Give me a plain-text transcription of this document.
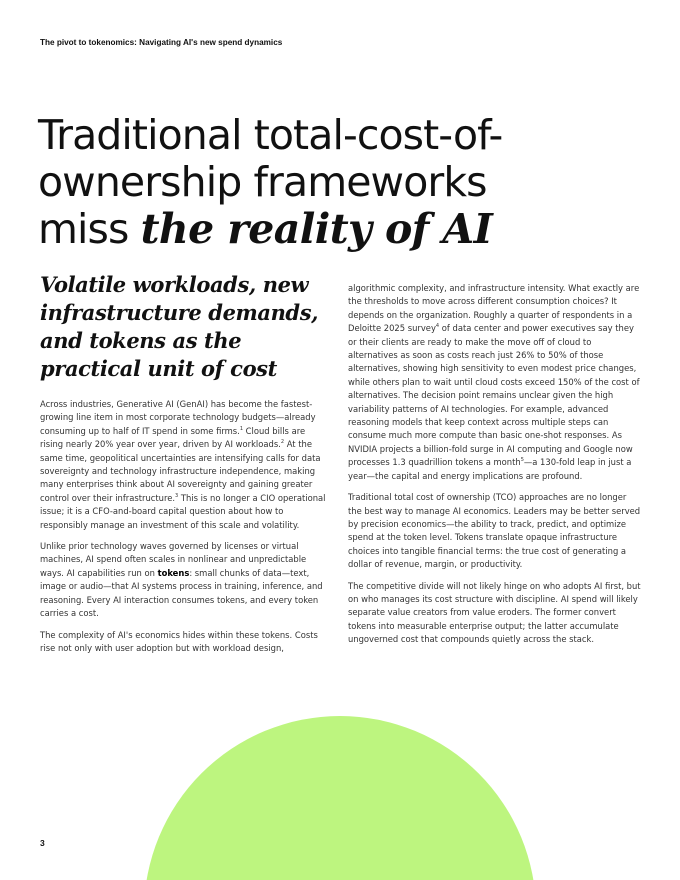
The pivot to tokenomics: Navigating AI's new spend dynamics
Traditional total-cost-of-
ownership frameworks
miss the reality of AI
Volatile workloads, new
infrastructure demands,
and tokens as the
practical unit of cost

Across industries, Generative AI (GenAI) has become the fastest-growing line item in most corporate technology budgets—already consuming up to half of IT spend in some firms.$^1$ Cloud bills are rising nearly 20% year over year, driven by AI workloads.$^2$ At the same time, geopolitical uncertainties are intensifying calls for data sovereignty and technology infrastructure independence, making many enterprises think about AI sovereignty and gaining greater control over their infrastructure.$^3$ This is no longer a CIO operational issue; it is a CFO-and-board capital question about how to responsibly manage an investment of this scale and volatility.

Unlike prior technology waves governed by licenses or virtual machines, AI spend often scales in nonlinear and unpredictable ways. AI capabilities run on tokens: small chunks of data—text, image or audio—that AI systems process in training, inference, and reasoning. Every AI interaction consumes tokens, and every token carries a cost.

The complexity of AI's economics hides within these tokens. Costs rise not only with user adoption but with workload design,

algorithmic complexity, and infrastructure intensity. What exactly are the thresholds to move across different consumption choices? It depends on the organization. Roughly a quarter of respondents in a Deloitte 2025 survey$^4$ of data center and power executives say they or their clients are ready to make the move off of cloud to alternatives as soon as costs reach just 26% to 50% of those alternatives, showing high sensitivity to even modest price changes, while others plan to wait until cloud costs exceed 150% of the cost of alternatives. The decision point remains unclear given the high variability patterns of AI technologies. For example, advanced reasoning models that keep context across multiple steps can consume much more compute than basic one-shot responses. As NVIDIA projects a billion-fold surge in AI computing and Google now processes 1.3 quadrillion tokens a month$^5$—a 130-fold leap in just a year—the capital and energy implications are profound.

Traditional total cost of ownership (TCO) approaches are no longer the best way to manage AI economics. Leaders may be better served by precision economics—the ability to track, predict, and optimize spend at the token level. Tokens translate opaque infrastructure choices into tangible financial terms: the true cost of generating a dollar of revenue, margin, or productivity.

The competitive divide will not likely hinge on who adopts AI first, but on who manages its cost structure with discipline. AI spend will likely separate value creators from value eroders. The former convert tokens into measurable enterprise output; the latter accumulate ungoverned cost that compounds quietly across the stack.

3
